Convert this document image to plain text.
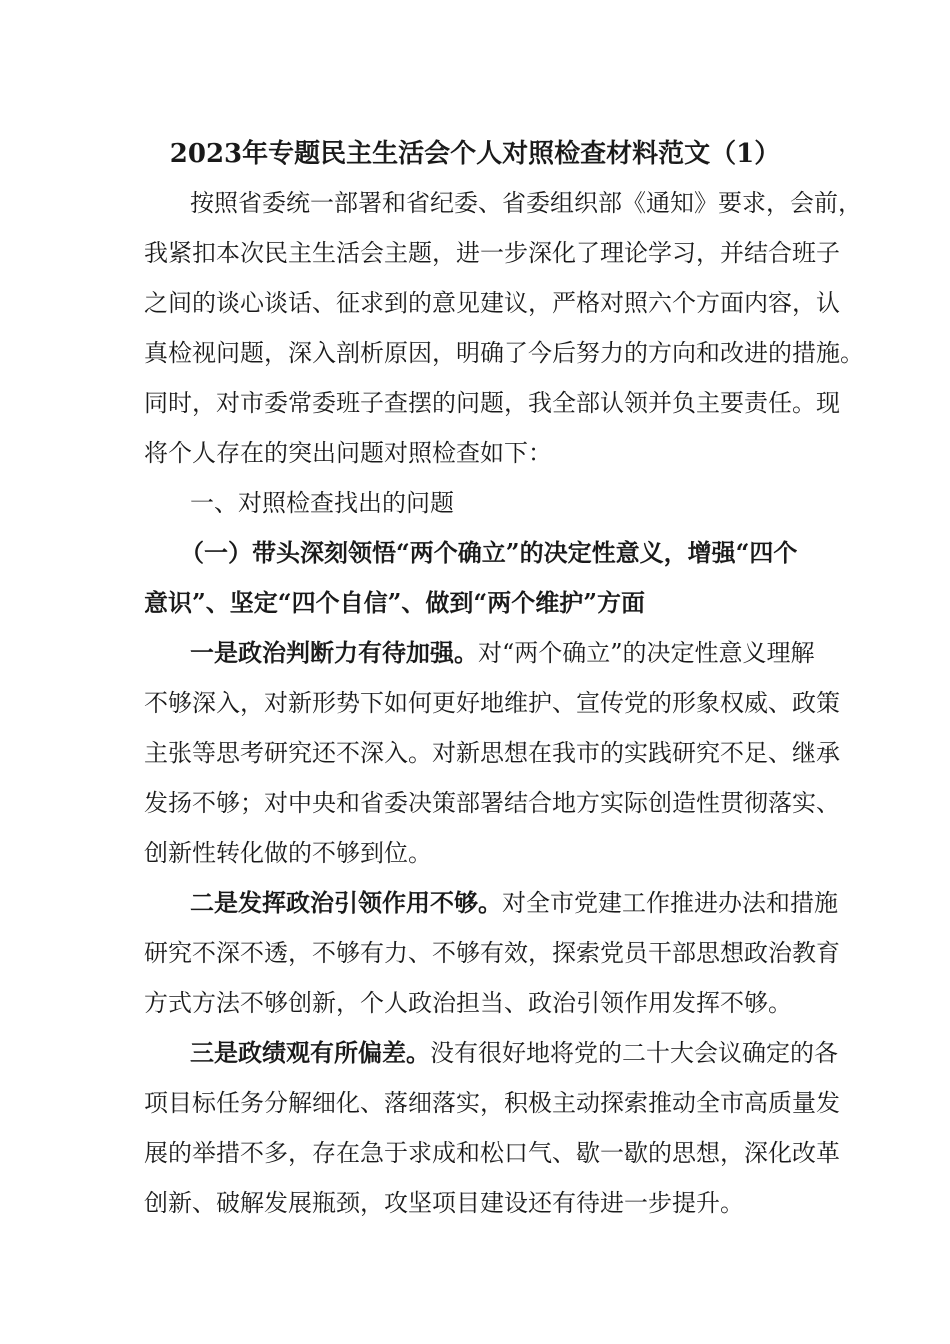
2023年专题民主生活会个人对照检查材料范文（1）
按照省委统一部署和省纪委、省委组织部《通知》要求，会前，
我紧扣本次民主生活会主题，进一步深化了理论学习，并结合班子
之间的谈心谈话、征求到的意见建议，严格对照六个方面内容，认
真检视问题，深入剖析原因，明确了今后努力的方向和改进的措施。
同时，对市委常委班子查摆的问题，我全部认领并负主要责任。现
将个人存在的突出问题对照检查如下：
一、对照检查找出的问题
（一）带头深刻领悟“两个确立”的决定性意义，增强“四个
意识”、坚定“四个自信”、做到“两个维护”方面
一是政治判断力有待加强。对“两个确立”的决定性意义理解
不够深入，对新形势下如何更好地维护、宣传党的形象权威、政策
主张等思考研究还不深入。对新思想在我市的实践研究不足、继承
发扬不够；对中央和省委决策部署结合地方实际创造性贯彻落实、
创新性转化做的不够到位。
二是发挥政治引领作用不够。对全市党建工作推进办法和措施
研究不深不透，不够有力、不够有效，探索党员干部思想政治教育
方式方法不够创新，个人政治担当、政治引领作用发挥不够。
三是政绩观有所偏差。没有很好地将党的二十大会议确定的各
项目标任务分解细化、落细落实，积极主动探索推动全市高质量发
展的举措不多，存在急于求成和松口气、歇一歇的思想，深化改革
创新、破解发展瓶颈，攻坚项目建设还有待进一步提升。
